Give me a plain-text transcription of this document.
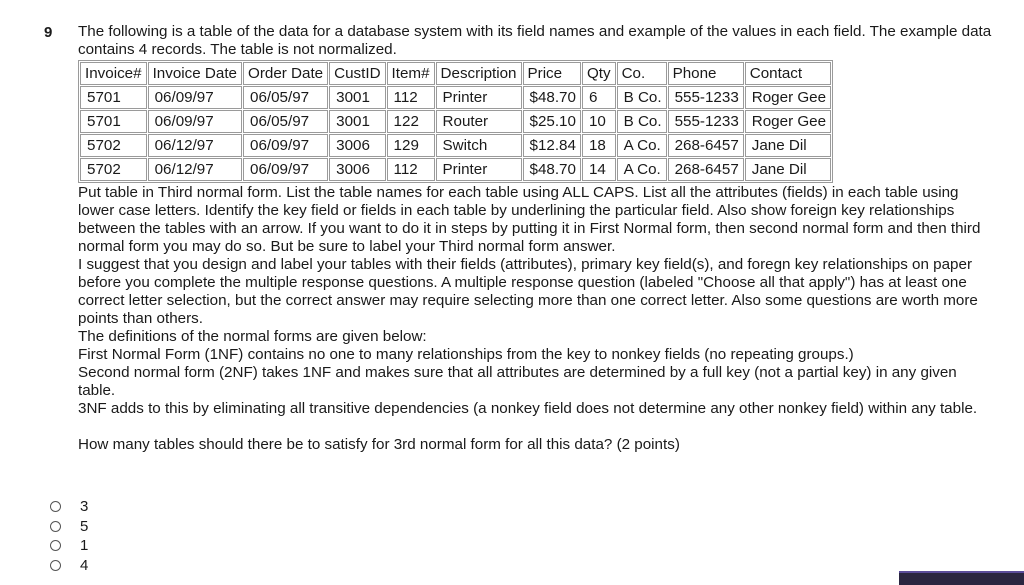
9 The following is a table of the data for a database system with its field names and example of the values in each field. The example data contains 4 records. The table is not normalized.

Invoice#	Invoice Date	Order Date	CustID	Item#	Description	Price	Qty	Co.	Phone	Contact
5701	06/09/97	06/05/97	3001	112	Printer	$48.70	6	B Co.	555-1233	Roger Gee
5701	06/09/97	06/05/97	3001	122	Router	$25.10	10	B Co.	555-1233	Roger Gee
5702	06/12/97	06/09/97	3006	129	Switch	$12.84	18	A Co.	268-6457	Jane Dil
5702	06/12/97	06/09/97	3006	112	Printer	$48.70	14	A Co.	268-6457	Jane Dil

Put table in Third normal form. List the table names for each table using ALL CAPS. List all the attributes (fields) in each table using lower case letters. Identify the key field or fields in each table by underlining the particular field. Also show foreign key relationships between the tables with an arrow. If you want to do it in steps by putting it in First Normal form, then second normal form and then third normal form you may do so. But be sure to label your Third normal form answer.

I suggest that you design and label your tables with their fields (attributes), primary key field(s), and foregn key relationships on paper before you complete the multiple response questions. A multiple response question (labeled "Choose all that apply") has at least one correct letter selection, but the correct answer may require selecting more than one correct letter. Also some questions are worth more points than others.

The definitions of the normal forms are given below:

First Normal Form (1NF) contains no one to many relationships from the key to nonkey fields (no repeating groups.)

Second normal form (2NF) takes 1NF and makes sure that all attributes are determined by a full key (not a partial key) in any given table.

3NF adds to this by eliminating all transitive dependencies (a nonkey field does not determine any other nonkey field) within any table.

How many tables should there be to satisfy for 3rd normal form for all this data? (2 points)

3
5
1
4
